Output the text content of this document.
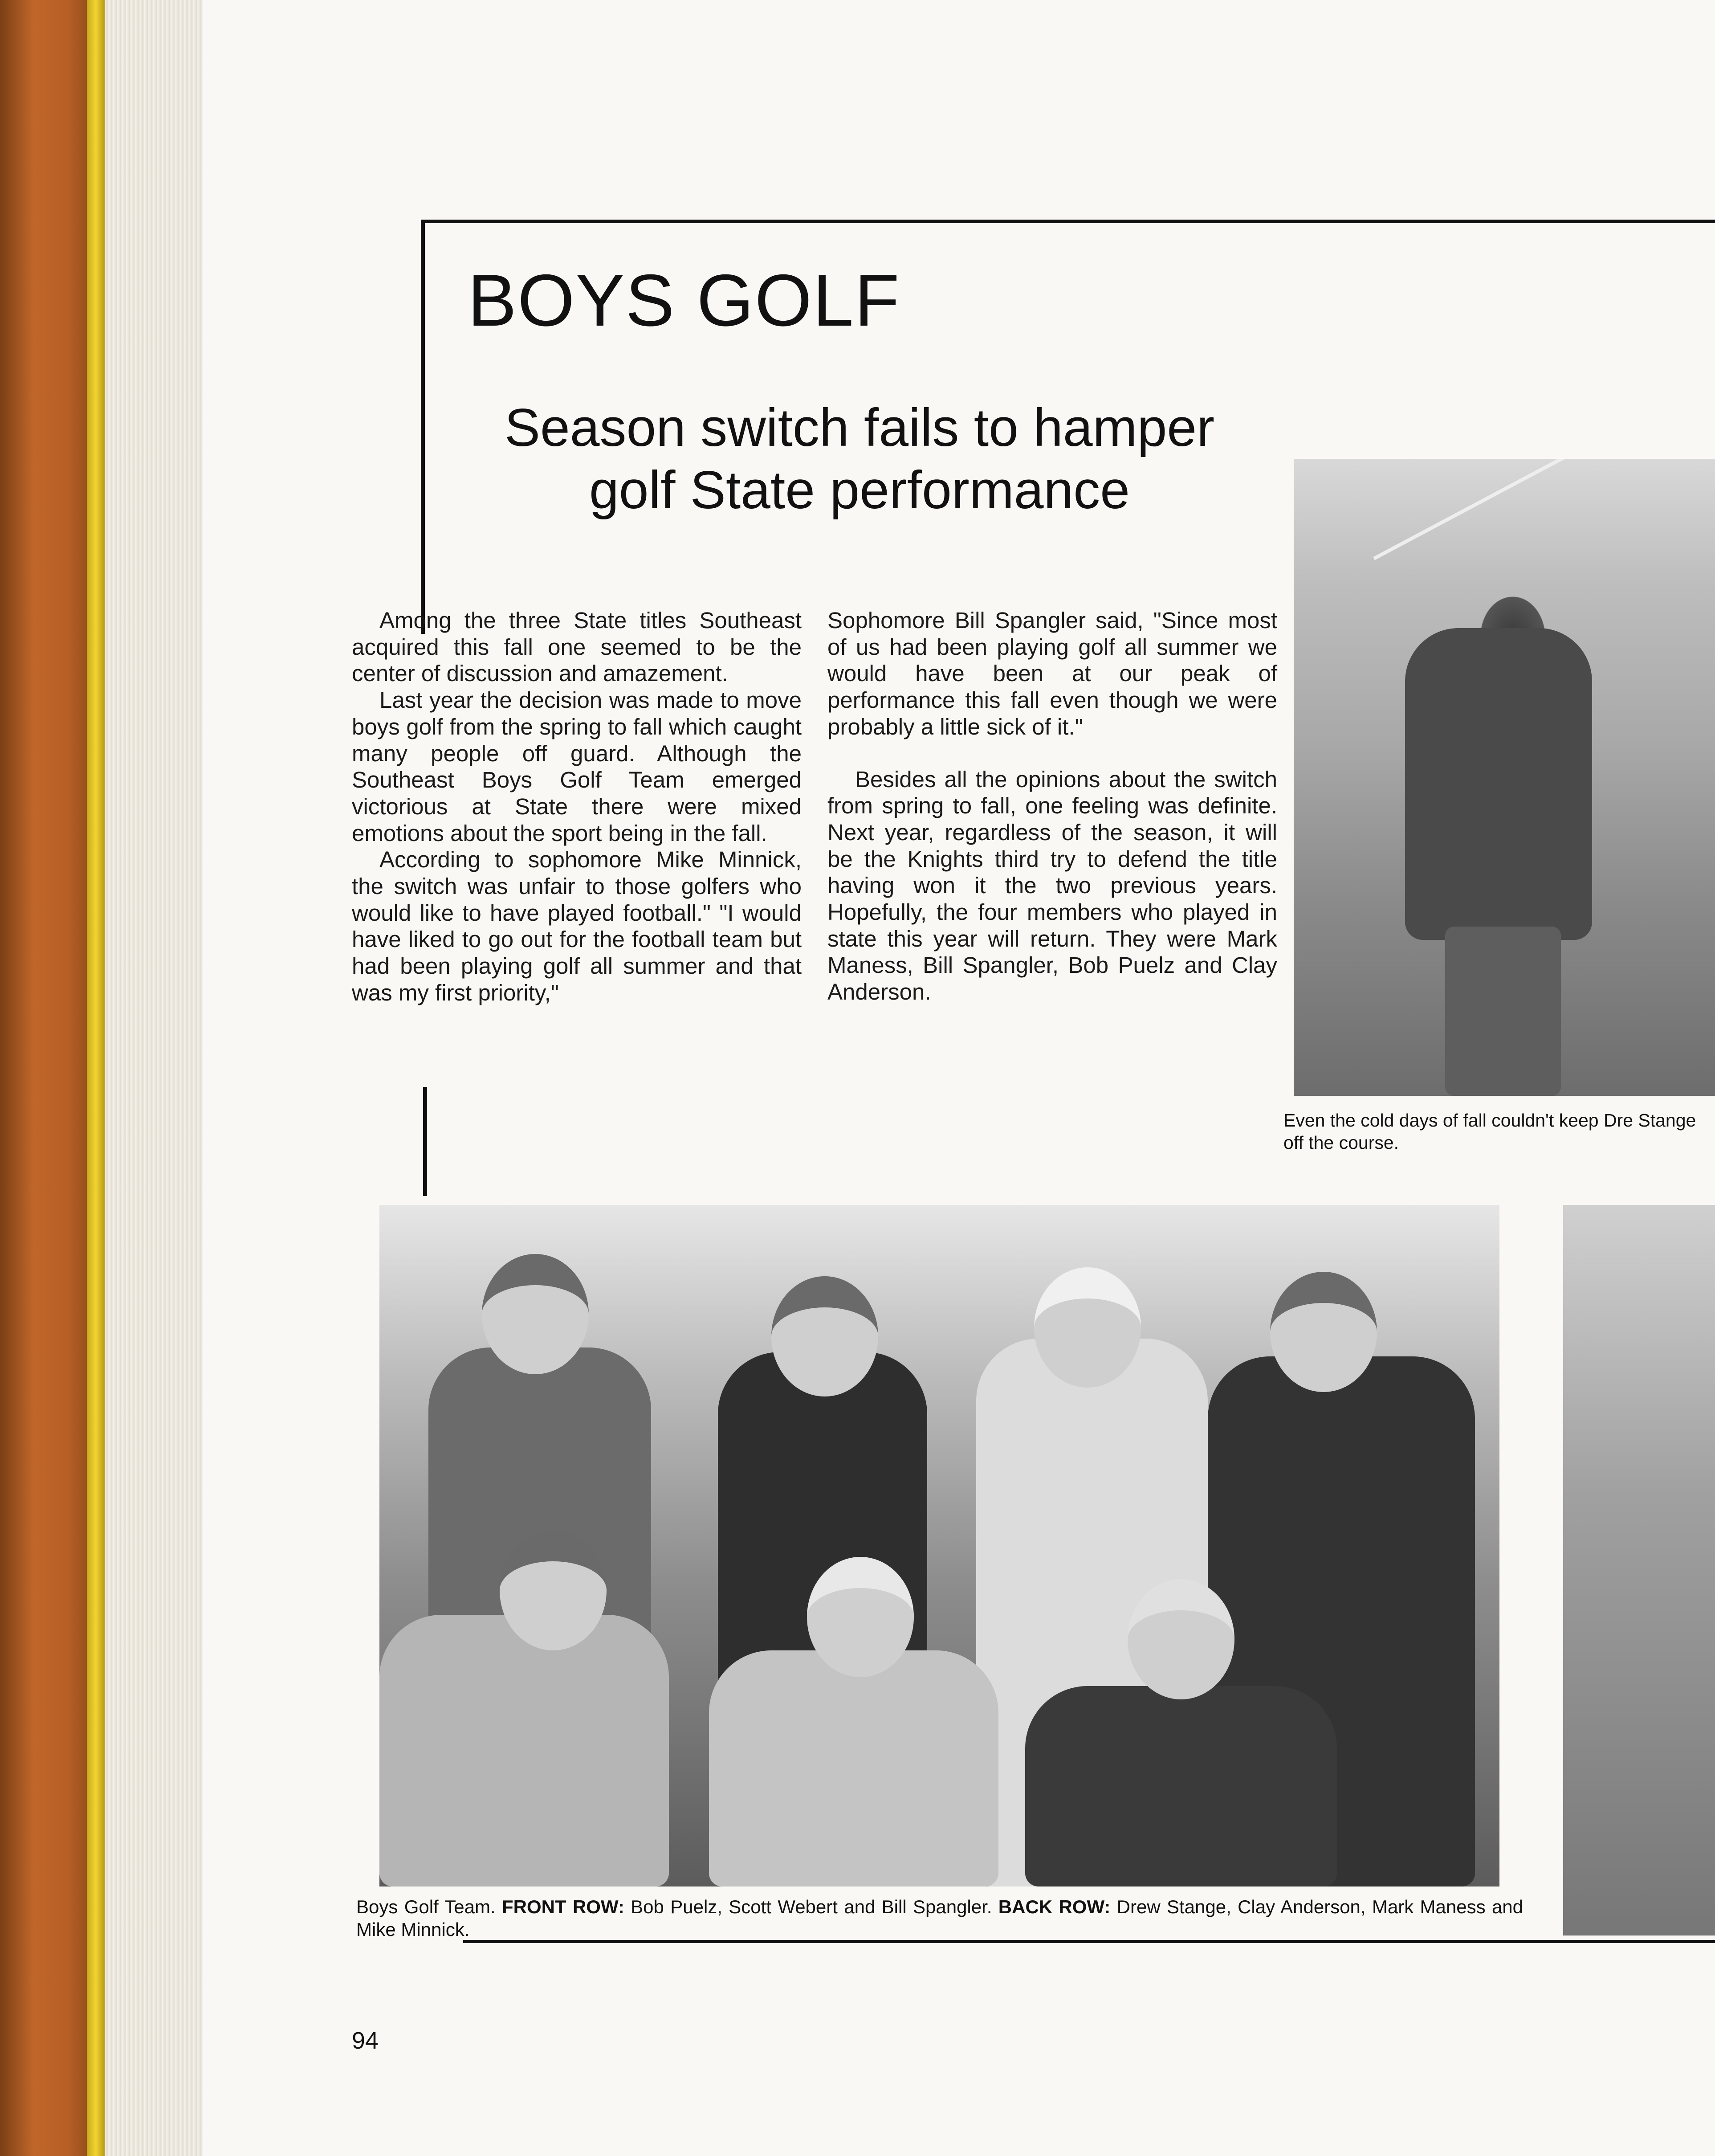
BOYS GOLF
Season switch fails to hamper golf State performance

Among the three State titles Southeast acquired this fall one seemed to be the center of discussion and amazement.

Last year the decision was made to move boys golf from the spring to fall which caught many people off guard. Although the Southeast Boys Golf Team emerged victorious at State there were mixed emotions about the sport being in the fall.

According to sophomore Mike Minnick, the switch was unfair to those golfers who would like to have played football." "I would have liked to go out for the football team but had been playing golf all summer and that was my first priority,"

Sophomore Bill Spangler said, "Since most of us had been playing golf all summer we would have been at our peak of performance this fall even though we were probably a little sick of it."

Besides all the opinions about the switch from spring to fall, one feeling was definite. Next year, regardless of the season, it will be the Knights third try to defend the title having won it the two previous years. Hopefully, the four members who played in state this year will return. They were Mark Maness, Bill Spangler, Bob Puelz and Clay Anderson.

Even the cold days of fall couldn't keep Dre Stange off the course.
Boys Golf Team. FRONT ROW: Bob Puelz, Scott Webert and Bill Spangler. BACK ROW: Drew Stange, Clay Anderson, Mark Maness and Mike Minnick.
94
